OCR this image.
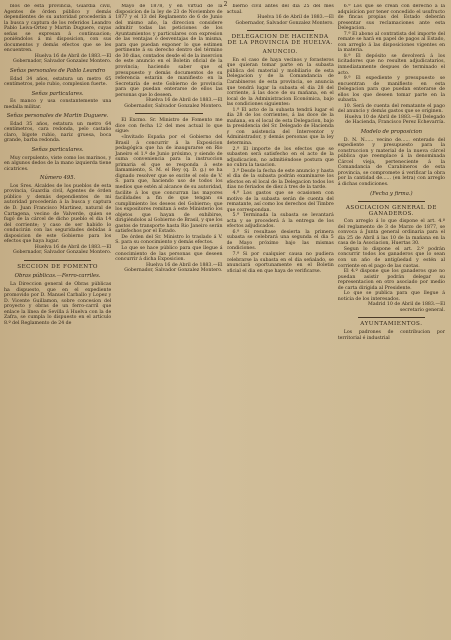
2

blos de esta provincia, Guardia civil, Agentes de órden público y demás dependientes de su autoridad procederán á la busca y captura de los referidos Leandro Pablo Leiva-Ortez y Martin Duguere, cuyas señas se expresan á continuacion; poniéndolos á mi disposicion, con sus documentos y demás efectos que se les encuentren.

Huelva 16 de Abril de 1883.—El Gobernador, Salvador Gonzalez Montero.

Señas personales de Pablo Leandro

Edad 34 años, estatura un metro 65 centímetros, pelo rubio, complexion fuerte.

Señas particulares.

Es manco y usa constantemente una medalla militar.

Señas personales de Martin Duguere.

Edad 35 años, estatura un metro 64 centímetros, cara redonda, pelo castaño claro, bigote rubio, nariz gruesa, boca grande, barba redonda.

Señas particulares.

Muy corpulento, viste como los marinos, y en algunos dedos de la mano izquierda tiene cicatrices.

Número 495.

Los Sres. Alcaldes de los pueblos de esta provincia, Guardia civil, Agentes de órden público y demás dependientes de mi autoridad procederán á la busca y captura de D. Juan Francisco Martinez, natural de Cartagena, vecino de Valverde, quien se fugó de la cárcel de dicho pueblo el dia 14 del corriente; y caso de ser habido lo conducirán con las seguridades debidas á disposicion de este Gobierno para los efectos que haya lugar.

Huelva 16 de Abril de 1883.—El Gobernador, Salvador Gonzalez Montero.

SECCION DE FOMENTO
Obras públicas.—Ferro-carriles.

La Direccion general de Obras públicas ha dispuesto, que en el expediente promovido por D. Manuel Carballo y Lopez y D. Vicente Guillamon, sobre concesion del proyecto y obras de un ferro-carril que enlace la línea de Sevilla á Huelva con la de Zafra, se cumpla lo dispuesto en el artículo 8.º del Reglamento de 24 de

Mayo de 1878, y en virtud de la disposicion de la ley de 23 de Noviembre de 1877 y el 13 del Reglamento de 6 de Junio del mismo año, la direccion considere admitir todas las peticiones de los Ayuntamientos y particulares con expresion de las ventajas ó desventajas de la misma, para que puedan exponer lo que estimen pertinente á su derecho dentro del término de 30 dias, contados desde el de la insercion de este anuncio en el Boletin oficial de la provincia; haciendo saber que el presupuesto y demás documentos de su referencia estarán de manifiesto en la Secretaría de este Gobierno de provincia para que puedan enterarse de ellos las personas que lo deseen.

Huelva 16 de Abril de 1883.—El Gobernador, Salvador Gonzalez Montero.

El Excmo. Sr. Ministro de Fomento me dice con fecha 12 del mes actual lo que sigue:

«Invitado España por el Gobierno del Brasil á concurrir á la Exposicion pedagógica que ha de inaugurarse en Rio Janeiro el 1.º de Junio próximo, y siendo de suma conveniencia para la instruccion primaria el que se responda á este llamamiento, S. M. el Rey (q. D. g.) se ha dignado resolver que se excite el celo de V. S. para que, haciendo uso de todos los medios que estén al alcance de su autoridad, facilite á los que concurran las mayores facilidades a fin de que tengan su cumplimiento los deseos del Gobierno; que los expositores remitan á este Ministerio los objetos que hayan de exhibirse, dirigiéndolos al Gobierno de Brasil, y que los gastos de transporte hasta Rio Janeiro serán satisfechos por el Estado.

De órden del Sr. Ministro lo traslado á V. S. para su conocimiento y demás efectos.

Lo que se hace público para que llegue á conocimiento de las personas que deseen concurrir á dicha Exposicion.

Huelva 16 de Abril de 1883.—El Gobernador, Salvador Gonzalez Montero.

bierno civil antes del dia 25 del mes actual.

Huelva 16 de Abril de 1883.—El Gobernador, Salvador Gonzalez Montero.

DELEGACION DE HACIENDA DE LA PROVINCIA DE HUELVA.
ANUNCIO.

En el caso de haya vecinos y forasteros que quieran tomar parte en la subasta pública del material y mobiliario de esta Delegacion y de la Comandancia de Carabineros de esta provincia, se anuncia que tendrá lugar la subasta el dia 28 del corriente, á las doce de su mañana, en el local de la Administracion Económica, bajo las condiciones siguientes:

1.ª El acto de la subasta tendrá lugar el dia 28 de los corrientes, á las doce de la mañana, en el local de esta Delegacion, bajo la presidencia del Sr. Delegado de Hacienda y con asistencia del Interventor y Administrador, y demás personas que la ley determina.

2.ª El importe de los efectos que se subasten será satisfecho en el acto de la adjudicacion, no admitiéndose postura que no cubra la tasacion.

3.ª Desde la fecha de este anuncio y hasta el dia de la subasta podrán examinarse los efectos en el local de la Delegacion todos los dias no feriados de diez á tres de la tarde.

4.ª Los gastos que se ocasionen con motivo de la subasta serán de cuenta del rematante, así como los derechos del Timbre que correspondan.

5.ª Terminada la subasta se levantará acta y se procederá á la entrega de los efectos adjudicados.

6.ª Si resultase desierta la primera subasta se celebrará una segunda el dia 5 de Mayo próximo bajo las mismas condiciones.

7.ª Si por cualquier causa no pudiera celebrarse la subasta en el dia señalado, se anunciará oportunamente en el Boletin oficial el dia en que haya de verificarse.

6.ª Los que se crean con derecho á la adquisicion por tener concedido el usufructo de fincas propias del Estado deberán presentar sus reclamaciones ante esta Delegacion.

7.ª El abono al contratista del importe del remate se hará en papel de pagos al Estado, con arreglo á las disposiciones vigentes en la materia.

8.ª El depósito se devolverá á los licitadores que no resulten adjudicatarios, inmediatamente despues de terminado el acto.

9.ª El expediente y presupuesto se encuentran de manifiesto en esta Delegacion para que puedan enterarse de ellos los que deseen tomar parte en la subasta.

10. Será de cuenta del rematante el pago del anuncio y demás gastos que se originen.

Huelva 10 de Abril de 1883.—El Delegado de Hacienda, Francisco Perez Echevarría.

Modelo de proposicion

D. N. N...... vecino de...... enterado del expediente y presupuesto para la construccion y material de la nueva cárcel pública que reemplace á la denominada Cárcel vieja, perteneciente á la Comandancia de Carabineros de esta provincia, se compromete á verificar la obra por la cantidad de...... (en letra) con arreglo á dichas condiciones.

(Fecha y firma.)
ASOCIACION GENERAL DE GANADEROS.

Con arreglo á lo que dispone el art. 4.º del reglamento de 3 de Marzo de 1877, se convoca á Junta general ordinaria para el dia 25 de Abril á las 10 de la mañana en la casa de la Asociacion, Huertas 30.

Segun lo dispone el art. 2.º podrán concurrir todos los ganaderos que lo sean con un año de antigüedad y estén al corriente en el pago de las cuotas.

El 4.º dispone que los ganaderos que no puedan asistir podrán delegar su representacion en otro asociado por medio de carta dirigida al Presidente.

Lo que se publica para que llegue á noticia de los interesados.

Madrid 10 de Abril de 1883.—El secretario general.

AYUNTAMIENTOS.

Los padrones de contribucion por territorial é industrial
